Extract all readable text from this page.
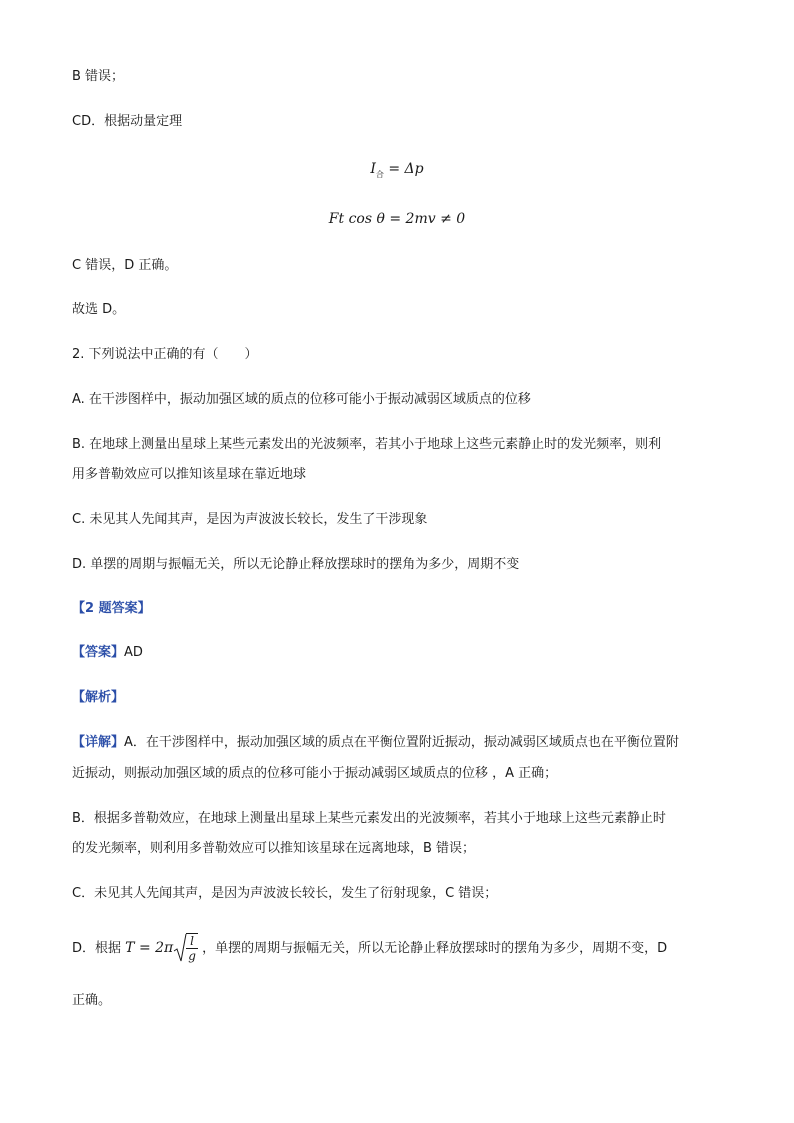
B 错误；
CD．根据动量定理
$I_合 = \Delta p$
Ft cos θ = 2mv ≠ 0
C 错误，D 正确。
故选 D。
2. 下列说法中正确的有（　　）
A. 在干涉图样中，振动加强区域的质点的位移可能小于振动减弱区域质点的位移
B. 在地球上测量出星球上某些元素发出的光波频率，若其小于地球上这些元素静止时的发光频率，则利
用多普勒效应可以推知该星球在靠近地球
C. 未见其人先闻其声，是因为声波波长较长，发生了干涉现象
D. 单摆的周期与振幅无关，所以无论静止释放摆球时的摆角为多少，周期不变
【2 题答案】
【答案】AD
【解析】
【详解】A．在干涉图样中，振动加强区域的质点在平衡位置附近振动，振动减弱区域质点也在平衡位置附
近振动，则振动加强区域的质点的位移可能小于振动减弱区域质点的位移 ，A 正确；
B．根据多普勒效应，在地球上测量出星球上某些元素发出的光波频率，若其小于地球上这些元素静止时
的发光频率，则利用多普勒效应可以推知该星球在远离地球，B 错误；
C．未见其人先闻其声，是因为声波波长较长，发生了衍射现象，C 错误；
D．根据 $T = 2\pi \frac{l}{g}$ ，单摆的周期与振幅无关，所以无论静止释放摆球时的摆角为多少，周期不变，D
正确。
